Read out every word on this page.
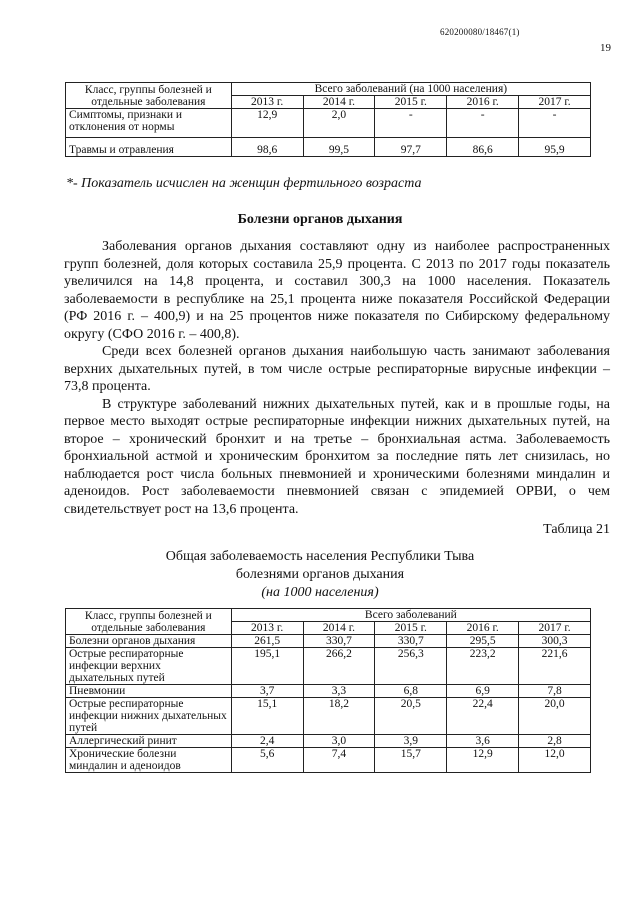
620200080/18467(1)
19
Класс, группы болезней и отдельные заболевания	Всего заболеваний (на 1000 населения)				
	2013 г.	2014 г.	2015 г.	2016 г.	2017 г.
Симптомы, признаки и отклонения от нормы	12,9	2,0	-	-	-
Травмы и отравления	98,6	99,5	97,7	86,6	95,9
*- Показатель исчислен на женщин фертильного возраста
Болезни органов дыхания

Заболевания органов дыхания составляют одну из наиболее распространенных групп болезней, доля которых составила 25,9 процента. С 2013 по 2017 годы показатель увеличился на 14,8 процента, и составил 300,3 на 1000 населения. Показатель заболеваемости в республике на 25,1 процента ниже показателя Российской Федерации (РФ 2016 г. – 400,9) и на 25 процентов ниже показателя по Сибирскому федеральному округу (СФО 2016 г. – 400,8).

Среди всех болезней органов дыхания наибольшую часть занимают заболевания верхних дыхательных путей, в том числе острые респираторные вирусные инфекции – 73,8 процента.

В структуре заболеваний нижних дыхательных путей, как и в прошлые годы, на первое место выходят острые респираторные инфекции нижних дыхательных путей, на второе – хронический бронхит и на третье – бронхиальная астма. Заболеваемость бронхиальной астмой и хроническим бронхитом за последние пять лет снизилась, но наблюдается рост числа больных пневмонией и хроническими болезнями миндалин и аденоидов. Рост заболеваемости пневмонией связан с эпидемией ОРВИ, о чем свидетельствует рост на 13,6 процента.

Таблица 21
Общая заболеваемость населения Республики Тыва
болезнями органов дыхания
(на 1000 населения)
Класс, группы болезней и отдельные заболевания	Всего заболеваний				
	2013 г.	2014 г.	2015 г.	2016 г.	2017 г.
Болезни органов дыхания	261,5	330,7	330,7	295,5	300,3
Острые респираторные инфекции верхних дыхательных путей	195,1	266,2	256,3	223,2	221,6
Пневмонии	3,7	3,3	6,8	6,9	7,8
Острые респираторные инфекции нижних дыхательных путей	15,1	18,2	20,5	22,4	20,0
Аллергический ринит	2,4	3,0	3,9	3,6	2,8
Хронические болезни миндалин и аденоидов	5,6	7,4	15,7	12,9	12,0
